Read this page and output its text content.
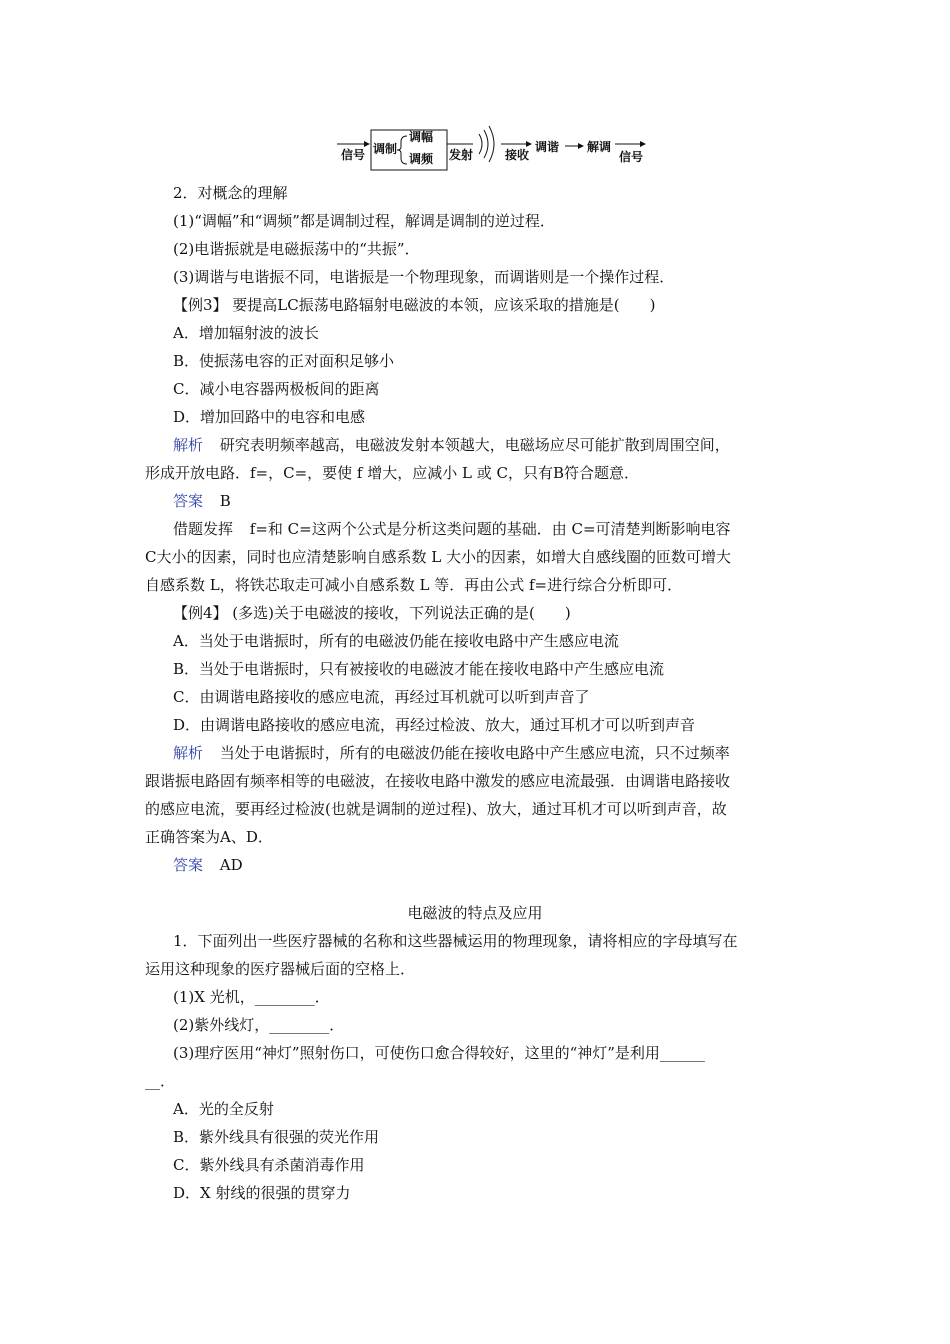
信号 调制
调幅
调频 发射	接收
调谐 解调
信号
2．对概念的理解
(1)“调幅”和“调频”都是调制过程，解调是调制的逆过程．
(2)电谐振就是电磁振荡中的“共振”．
(3)调谐与电谐振不同，电谐振是一个物理现象，而调谐则是一个操作过程．
【例3】 要提高LC振荡电路辐射电磁波的本领，应该采取的措施是(　　)
A．增加辐射波的波长
B．使振荡电容的正对面积足够小
C．减小电容器两极板间的距离
D．增加回路中的电容和电感
解析 研究表明频率越高，电磁波发射本领越大，电磁场应尽可能扩散到周围空间，
形成开放电路．f=，C=，要使 f 增大，应减小 L 或 C，只有B符合题意．
答案 B
借题发挥 f=和 C=这两个公式是分析这类问题的基础．由 C=可清楚判断影响电容
C大小的因素，同时也应清楚影响自感系数 L 大小的因素，如增大自感线圈的匝数可增大
自感系数 L，将铁芯取走可减小自感系数 L 等．再由公式 f=进行综合分析即可．
【例4】 (多选)关于电磁波的接收，下列说法正确的是(　　)
A．当处于电谐振时，所有的电磁波仍能在接收电路中产生感应电流
B．当处于电谐振时，只有被接收的电磁波才能在接收电路中产生感应电流
C．由调谐电路接收的感应电流，再经过耳机就可以听到声音了
D．由调谐电路接收的感应电流，再经过检波、放大，通过耳机才可以听到声音
解析 当处于电谐振时，所有的电磁波仍能在接收电路中产生感应电流，只不过频率
跟谐振电路固有频率相等的电磁波，在接收电路中激发的感应电流最强．由调谐电路接收
的感应电流，要再经过检波(也就是调制的逆过程)、放大，通过耳机才可以听到声音，故
正确答案为A、D．
答案 AD
电磁波的特点及应用
1．下面列出一些医疗器械的名称和这些器械运用的物理现象，请将相应的字母填写在
运用这种现象的医疗器械后面的空格上．
(1)X 光机，________．
(2)紫外线灯，________．
(3)理疗医用“神灯”照射伤口，可使伤口愈合得较好，这里的“神灯”是利用______
__．
A．光的全反射
B．紫外线具有很强的荧光作用
C．紫外线具有杀菌消毒作用
D．X 射线的很强的贯穿力
